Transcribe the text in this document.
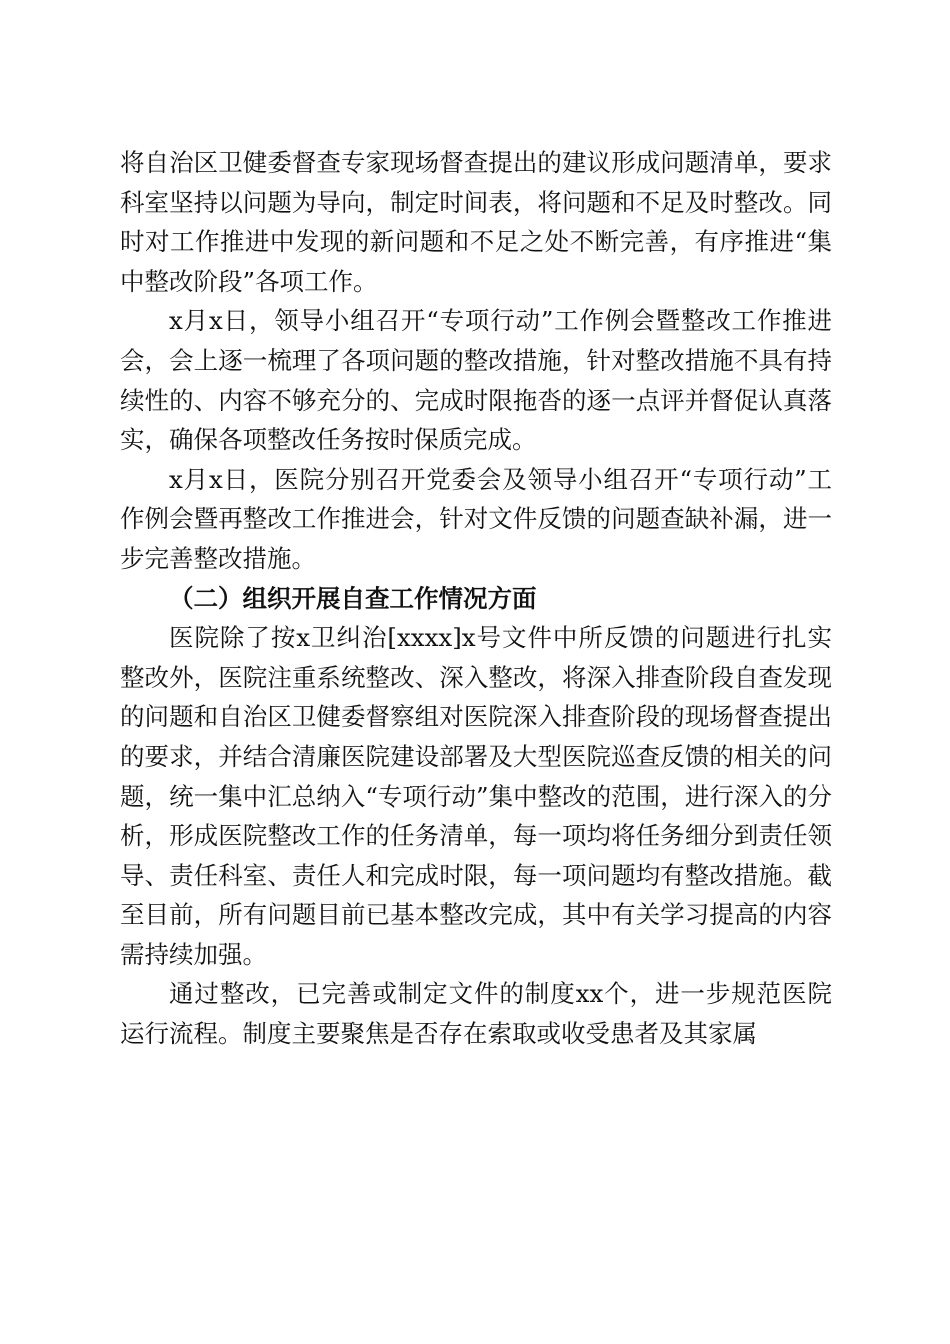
将自治区卫健委督查专家现场督查提出的建议形成问题清单，要求科室坚持以问题为导向，制定时间表，将问题和不足及时整改。同时对工作推进中发现的新问题和不足之处不断完善，有序推进“集中整改阶段”各项工作。

x月x日，领导小组召开“专项行动”工作例会暨整改工作推进会，会上逐一梳理了各项问题的整改措施，针对整改措施不具有持续性的、内容不够充分的、完成时限拖沓的逐一点评并督促认真落实，确保各项整改任务按时保质完成。

x月x日，医院分别召开党委会及领导小组召开“专项行动”工作例会暨再整改工作推进会，针对文件反馈的问题查缺补漏，进一步完善整改措施。

（二）组织开展自查工作情况方面

医院除了按x卫纠治[xxxx]x号文件中所反馈的问题进行扎实整改外，医院注重系统整改、深入整改，将深入排查阶段自查发现的问题和自治区卫健委督察组对医院深入排查阶段的现场督查提出的要求，并结合清廉医院建设部署及大型医院巡查反馈的相关的问题，统一集中汇总纳入“专项行动”集中整改的范围，进行深入的分析，形成医院整改工作的任务清单，每一项均将任务细分到责任领导、责任科室、责任人和完成时限，每一项问题均有整改措施。截至目前，所有问题目前已基本整改完成，其中有关学习提高的内容需持续加强。

通过整改，已完善或制定文件的制度xx个，进一步规范医院运行流程。制度主要聚焦是否存在索取或收受患者及其家属
